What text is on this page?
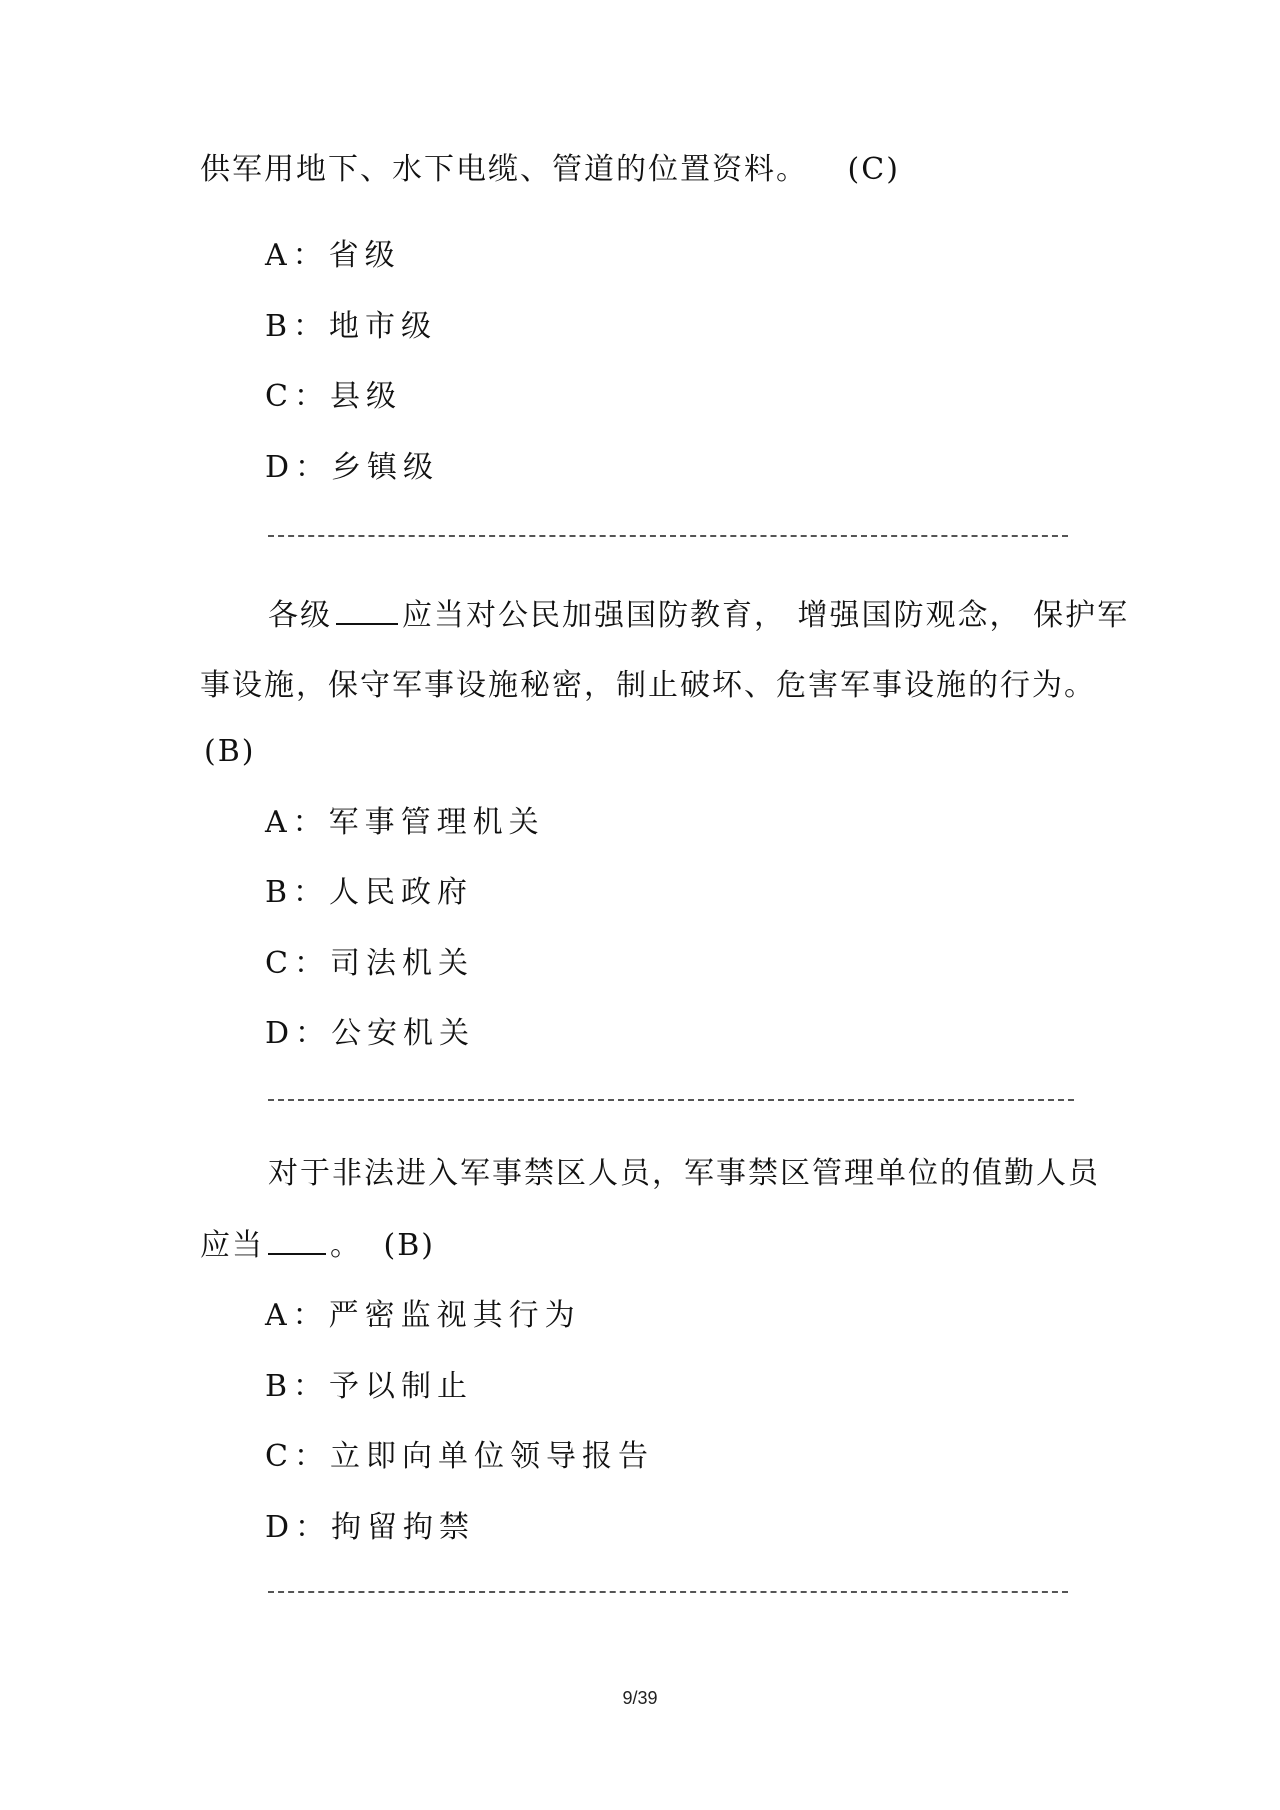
供军用地下、水下电缆、管道的位置资料。 (C)
A：省级
B：地市级
C：县级
D：乡镇级
各级 应当对公民加强国防教育， 增强国防观念， 保护军
事设施，保守军事设施秘密，制止破坏、危害军事设施的行为。
(B)
A：军事管理机关
B：人民政府
C：司法机关
D：公安机关
对于非法进入军事禁区人员，军事禁区管理单位的值勤人员
应当 。 (B)
A：严密监视其行为
B：予以制止
C：立即向单位领导报告
D：拘留拘禁
9/39
